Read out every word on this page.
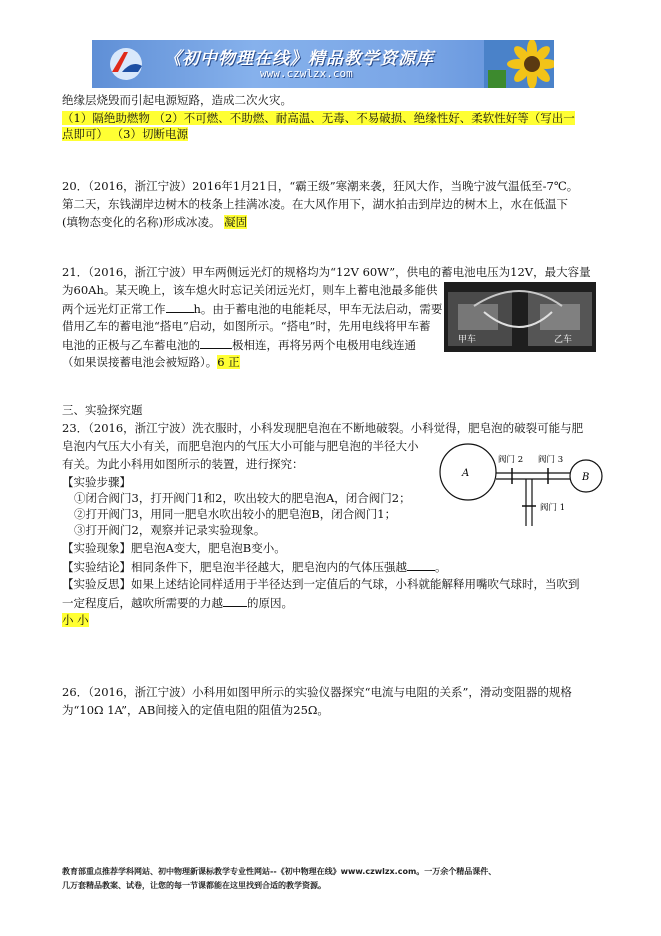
《初中物理在线》精品教学资源库
www.czwlzx.com
绝缘层烧毁而引起电源短路，造成二次火灾。
（1）隔绝助燃物 （2）不可燃、不助燃、耐高温、无毒、不易破损、绝缘性好、柔软性好等（写出一
点即可） （3）切断电源
20．（2016，浙江宁波）2016年1月21日，“霸王级”寒潮来袭，狂风大作，当晚宁波气温低至-7℃。
第二天，东钱湖岸边树木的枝条上挂满冰凌。在大风作用下，湖水拍击到岸边的树木上，水在低温下
(填物态变化的名称)形成冰凌。 凝固
21．（2016，浙江宁波）甲车两侧远光灯的规格均为“12V 60W”，供电的蓄电池电压为12V，最大容量
为60Ah。某天晚上，该车熄火时忘记关闭远光灯，则车上蓄电池最多能供
两个远光灯正常工作 h。由于蓄电池的电能耗尽，甲车无法启动，需要
借用乙车的蓄电池“搭电”启动，如图所示。“搭电”时，先用电线将甲车蓄
电池的正极与乙车蓄电池的	极相连，再将另两个电极用电线连通
（如果误接蓄电池会被短路）。6 正
甲车	乙车
三、实验探究题
23．（2016，浙江宁波）洗衣服时，小科发现肥皂泡在不断地破裂。小科觉得，肥皂泡的破裂可能与肥
皂泡内气压大小有关，而肥皂泡内的气压大小可能与肥皂泡的半径大小
有关。为此小科用如图所示的装置，进行探究：
【实验步骤】
①闭合阀门3，打开阀门1和2，吹出较大的肥皂泡A，闭合阀门2；
②打开阀门3，用同一肥皂水吹出较小的肥皂泡B，闭合阀门1；
③打开阀门2，观察并记录实验现象。
【实验现象】肥皂泡A变大，肥皂泡B变小。
【实验结论】相同条件下，肥皂泡半径越大，肥皂泡内的气体压强越 。
【实验反思】如果上述结论同样适用于半径达到一定值后的气球，小科就能解释用嘴吹气球时，当吹到
一定程度后，越吹所需要的力越 的原因。
小 小
A	B
阀门 2 阀门 3
阀门 1
26．（2016，浙江宁波）小科用如图甲所示的实验仪器探究“电流与电阻的关系”，滑动变阻器的规格
为“10Ω 1A”，AB间接入的定值电阻的阻值为25Ω。
教育部重点推荐学科网站、初中物理新课标教学专业性网站--《初中物理在线》www.czwlzx.com。一万余个精品课件、
几万套精品教案、试卷，让您的每一节课都能在这里找到合适的教学资源。
